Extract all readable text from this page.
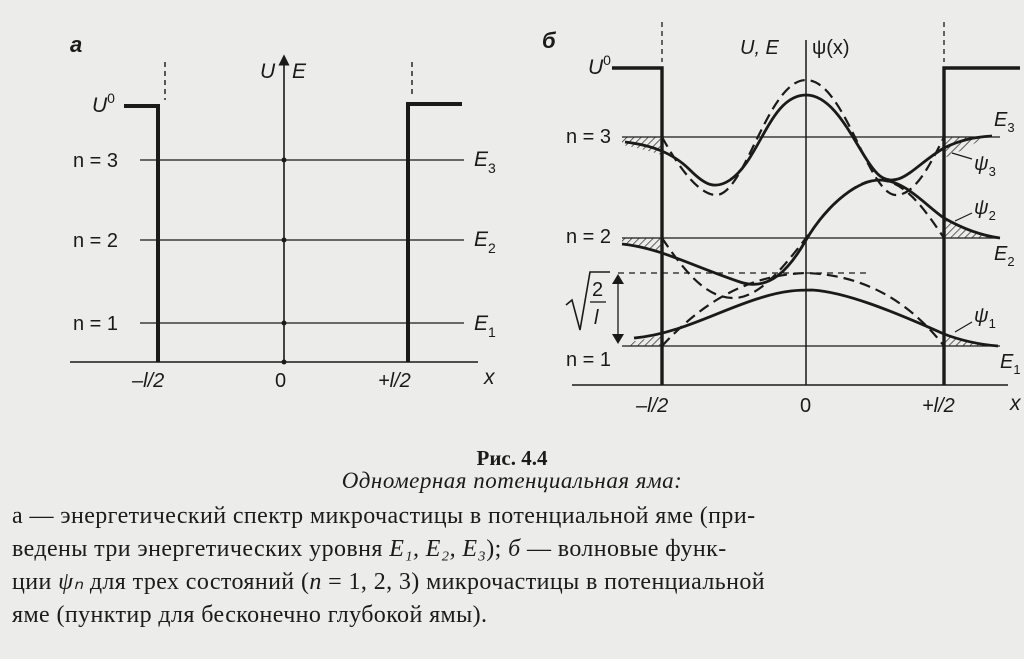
а
U E
$U^0$
n = 3
n = 2
n = 1
$E_3$
$E_2$
$E_1$
–l/2	0	+l/2	x
б	U, E ψ(x)
$U^0$
2
l
n = 3
n = 2
n = 1
$E_3$
$E_2$
$E_1$
$\psi_3$
$\psi_2$
$\psi_1$
–l/2	0	+l/2	x
Рис. 4.4
Одномерная потенциальная яма:
а — энергетический спектр микрочастицы в потенциальной яме (при-
ведены три энергетических уровня E₁, E₂, E₃); б — волновые функ-
ции ψₙ для трех состояний (n = 1, 2, 3) микрочастицы в потенциальной
яме (пунктир для бесконечно глубокой ямы).
